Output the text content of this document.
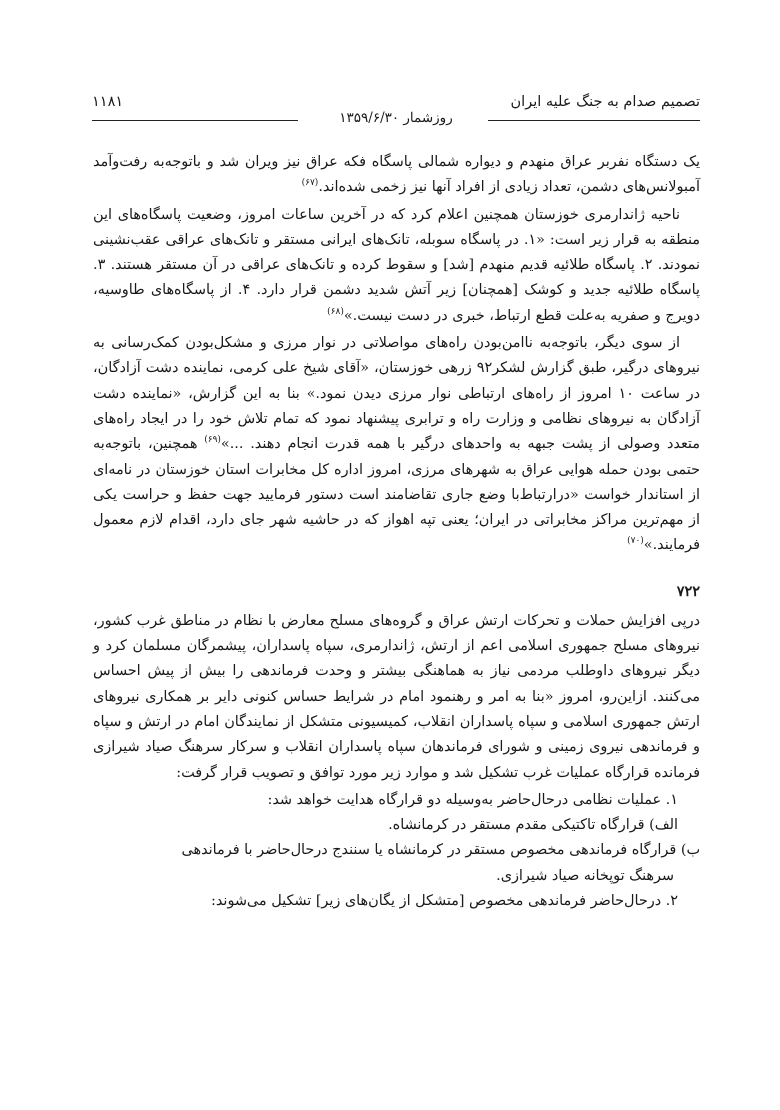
تصمیم صدام به جنگ علیه ایران
۱۱۸۱
روزشمار ۱۳۵۹/۶/۳۰

یک دستگاه نفربر عراق منهدم و دیواره شمالی پاسگاه فکه عراق نیز ویران شد و باتوجه‌به رفت‌وآمد آمبولانس‌های دشمن، تعداد زیادی از افراد آنها نیز زخمی شده‌اند.$^{(۶۷)}$

ناحیه ژاندارمری خوزستان همچنین اعلام کرد که در آخرین ساعات امروز، وضعیت پاسگاه‌های این منطقه به قرار زیر است: «۱. در پاسگاه سوبله، تانک‌های ایرانی مستقر و تانک‌های عراقی عقب‌نشینی نمودند. ۲. پاسگاه طلائیه قدیم منهدم [شد] و سقوط کرده و تانک‌های عراقی در آن مستقر هستند. ۳. پاسگاه طلائیه جدید و کوشک [همچنان] زیر آتش شدید دشمن قرار دارد. ۴. از پاسگاه‌های طاوسیه، دویرج و صفریه به‌علت قطع ارتباط، خبری در دست نیست.»$^{(۶۸)}$

از سوی دیگر، باتوجه‌به ناامن‌بودن راه‌های مواصلاتی در نوار مرزی و مشکل‌بودن کمک‌رسانی به نیروهای درگیر، طبق گزارش لشکر۹۲ زرهی خوزستان، «آقای شیخ علی کرمی، نماینده دشت آزادگان، در ساعت ۱۰ امروز از راه‌های ارتباطی نوار مرزی دیدن نمود.» بنا به این گزارش، «نماینده دشت آزادگان به نیروهای نظامی و وزارت راه و ترابری پیشنهاد نمود که تمام تلاش خود را در ایجاد راه‌های متعدد وصولی از پشت جبهه به واحدهای درگیر با همه قدرت انجام دهند. ...»$^{(۶۹)}$ همچنین، باتوجه‌به حتمی بودن حمله هوایی عراق به شهرهای مرزی، امروز اداره کل مخابرات استان خوزستان در نامه‌ای از استاندار خواست «درارتباط‌با وضع جاری تقاضامند است دستور فرمایید جهت حفظ و حراست یکی از مهم‌ترین مراکز مخابراتی در ایران؛ یعنی تپه اهواز که در حاشیه شهر جای دارد، اقدام لازم معمول فرمایند.»$^{(۷۰)}$

۷۲۲

درپی افزایش حملات و تحرکات ارتش عراق و گروه‌های مسلح معارض با نظام در مناطق غرب کشور، نیروهای مسلح جمهوری اسلامی اعم از ارتش، ژاندارمری، سپاه پاسداران، پیشمرگان مسلمان کرد و دیگر نیروهای داوطلب مردمی نیاز به هماهنگی بیشتر و وحدت فرماندهی را بیش از پیش احساس می‌کنند. ازاین‌رو، امروز «بنا به امر و رهنمود امام در شرایط حساس کنونی دایر بر همکاری نیروهای ارتش جمهوری اسلامی و سپاه پاسداران انقلاب، کمیسیونی متشکل از نمایندگان امام در ارتش و سپاه و فرماندهی نیروی زمینی و شورای فرماندهان سپاه پاسداران انقلاب و سرکار سرهنگ صیاد شیرازی فرمانده قرارگاه عملیات غرب تشکیل شد و موارد زیر مورد توافق و تصویب قرار گرفت:

۱. عملیات نظامی درحال‌حاضر به‌وسیله دو قرارگاه هدایت خواهد شد:
الف) قرارگاه تاکتیکی مقدم مستقر در کرمانشاه.
ب) قرارگاه فرماندهی مخصوص مستقر در کرمانشاه یا سنندج درحال‌حاضر با فرماندهی
سرهنگ توپخانه صیاد شیرازی.
۲. درحال‌حاضر فرماندهی مخصوص [متشکل از یگان‌های زیر] تشکیل می‌شوند:
